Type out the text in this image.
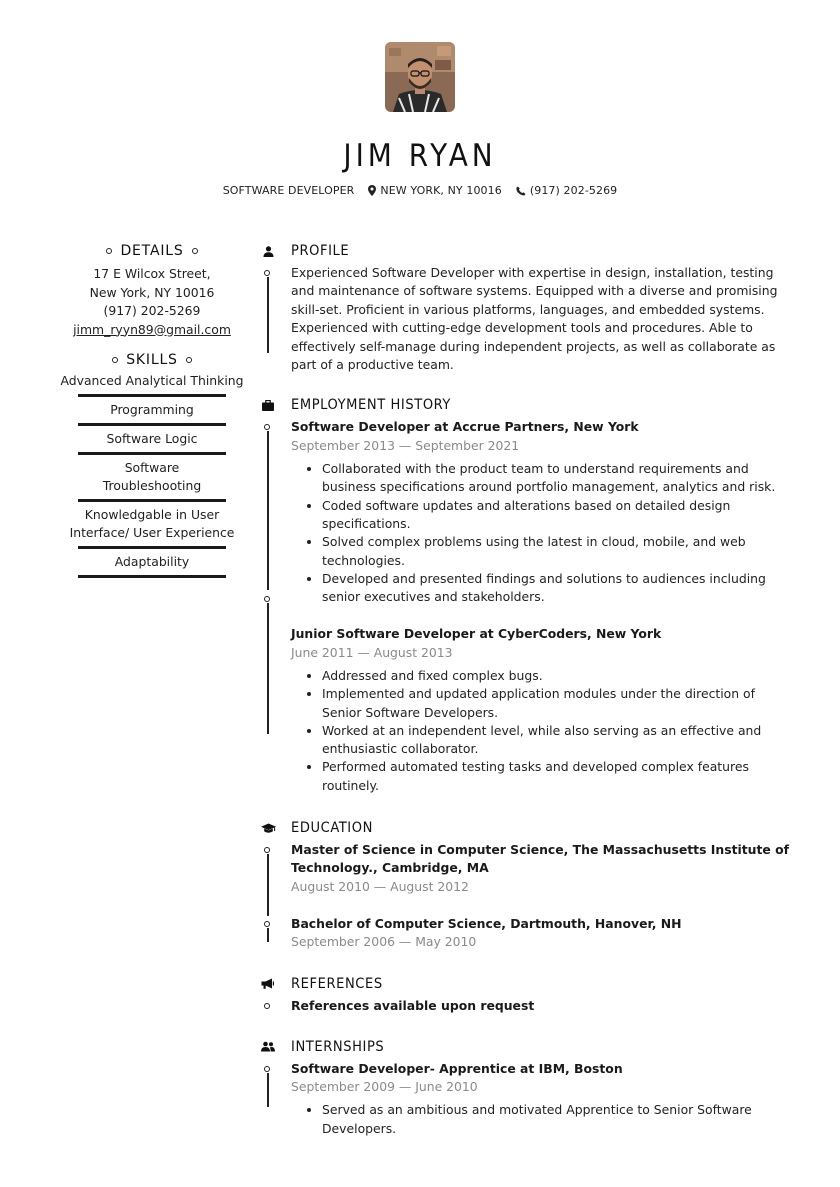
JIM RYAN
SOFTWARE DEVELOPER NEW YORK, NY 10016	(917) 202-5269
DETAILS
17 E Wilcox Street,
New York, NY 10016
(917) 202-5269
jimm_ryyn89@gmail.com
SKILLS
Advanced Analytical Thinking
Programming
Software Logic
Software Troubleshooting
Knowledgable in User Interface/ User Experience
Adaptability
PROFILE
Experienced Software Developer with expertise in design, installation, testing and maintenance of software systems. Equipped with a diverse and promising skill-set. Proficient in various platforms, languages, and embedded systems. Experienced with cutting-edge development tools and procedures. Able to effectively self-manage during independent projects, as well as collaborate as part of a productive team.
EMPLOYMENT HISTORY
Software Developer at Accrue Partners, New York
September 2013 — September 2021
• Collaborated with the product team to understand requirements and business specifications around portfolio management, analytics and risk.
• Coded software updates and alterations based on detailed design specifications.
• Solved complex problems using the latest in cloud, mobile, and web technologies.
• Developed and presented findings and solutions to audiences including senior executives and stakeholders.
Junior Software Developer at CyberCoders, New York
June 2011 — August 2013
• Addressed and fixed complex bugs.
• Implemented and updated application modules under the direction of Senior Software Developers.
• Worked at an independent level, while also serving as an effective and enthusiastic collaborator.
• Performed automated testing tasks and developed complex features routinely.
EDUCATION
Master of Science in Computer Science, The Massachusetts Institute of Technology., Cambridge, MA
August 2010 — August 2012
Bachelor of Computer Science, Dartmouth, Hanover, NH
September 2006 — May 2010
REFERENCES
References available upon request
INTERNSHIPS
Software Developer- Apprentice at IBM, Boston
September 2009 — June 2010
• Served as an ambitious and motivated Apprentice to Senior Software Developers.
